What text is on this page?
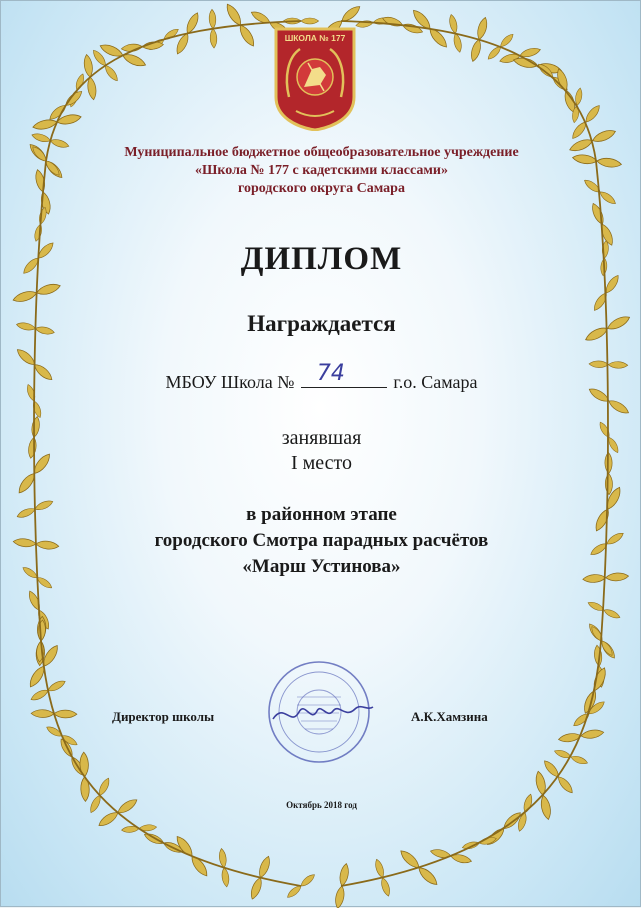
ШКОЛА № 177
Муниципальное бюджетное общеобразовательное учреждение
«Школа № 177 с кадетскими классами»
городского округа Самара
ДИПЛОМ
Награждается
МБОУ Школа № 74	г.о. Самара
занявшая
I место
в районном этапе
городского Смотра парадных расчётов
«Марш Устинова»
Директор школы	А.К.Хамзина
Октябрь 2018 год
